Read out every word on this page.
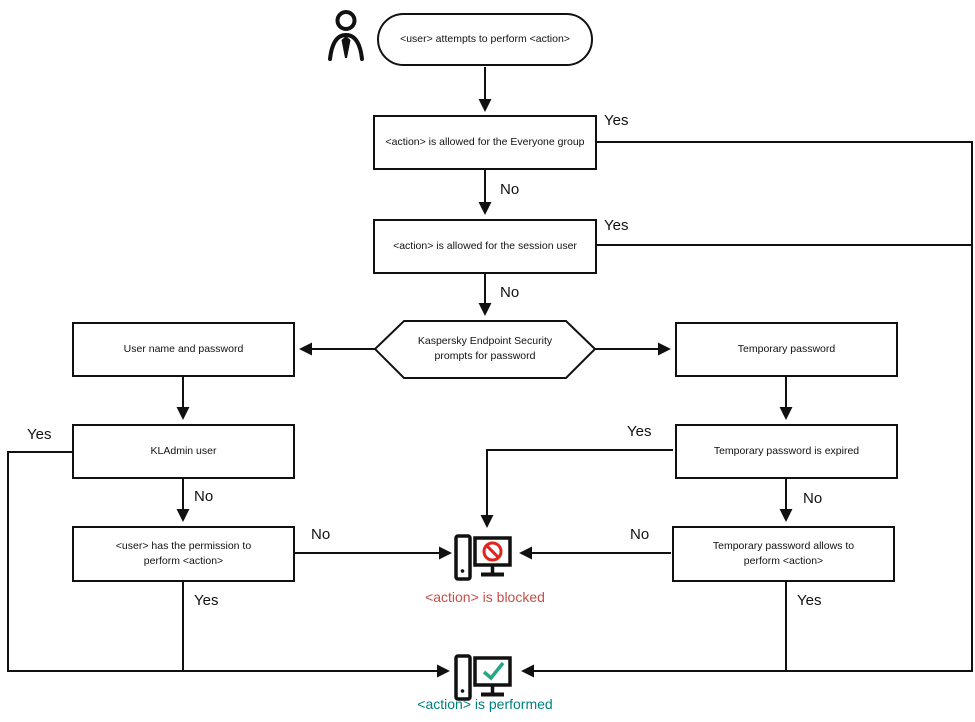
<user> attempts to perform <action>
<action> is allowed for the Everyone group
<action> is allowed for the session user
Kaspersky Endpoint Security prompts for password
User name and password	Temporary password
KLAdmin user	Temporary password is expired
<user> has the permission to perform <action>
Temporary password allows to perform <action>
Yes
No
Yes
No
Yes
No
No
Yes
Yes
No
No
Yes
<action> is blocked
<action> is performed
